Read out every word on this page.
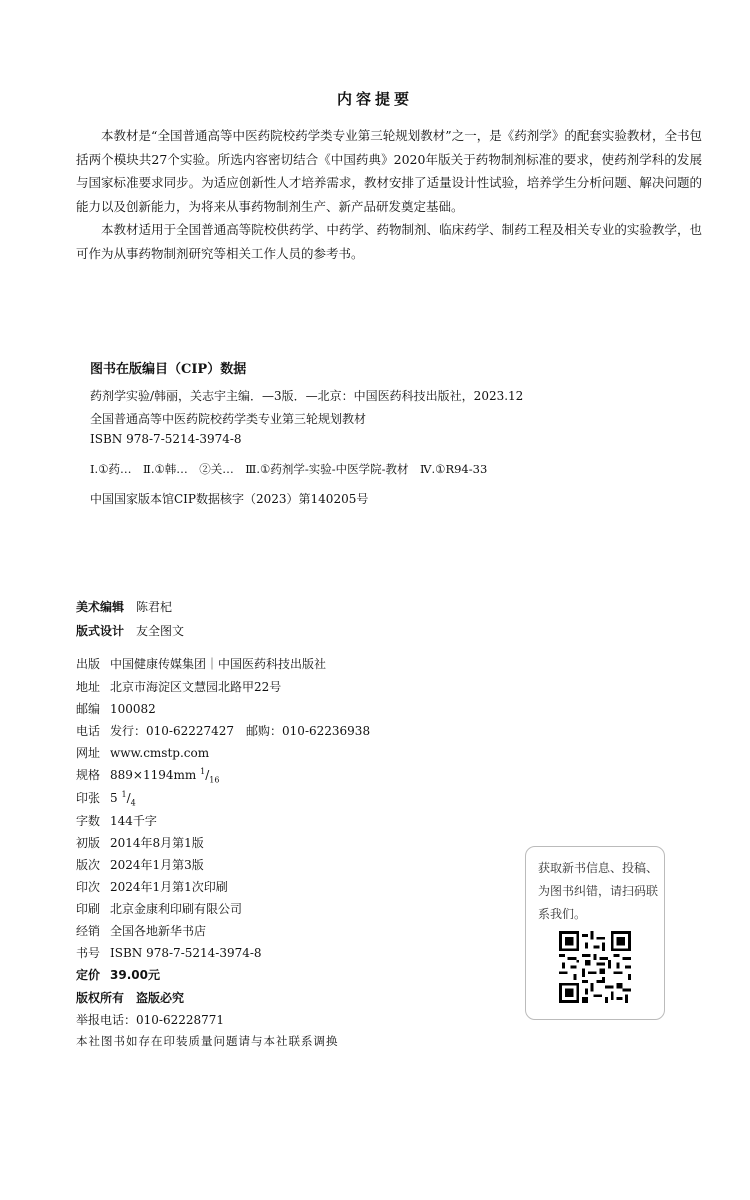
内容提要

本教材是“全国普通高等中医药院校药学类专业第三轮规划教材”之一，是《药剂学》的配套实验教材，全书包括两个模块共27个实验。所选内容密切结合《中国药典》2020年版关于药物制剂标准的要求，使药剂学科的发展与国家标准要求同步。为适应创新性人才培养需求，教材安排了适量设计性试验，培养学生分析问题、解决问题的能力以及创新能力，为将来从事药物制剂生产、新产品研发奠定基础。

本教材适用于全国普通高等院校供药学、中药学、药物制剂、临床药学、制药工程及相关专业的实验教学，也可作为从事药物制剂研究等相关工作人员的参考书。

图书在版编目（CIP）数据
药剂学实验/韩丽，关志宇主编．—3版．—北京：中国医药科技出版社，2023.12
全国普通高等中医药院校药学类专业第三轮规划教材
ISBN 978-7-5214-3974-8
Ⅰ.①药…　Ⅱ.①韩…　②关…　Ⅲ.①药剂学-实验-中医学院-教材　Ⅳ.①R94-33
中国国家版本馆CIP数据核字（2023）第140205号
美术编辑 陈君杞
版式设计 友全图文
出版 中国健康传媒集团｜中国医药科技出版社
地址 北京市海淀区文慧园北路甲22号
邮编 100082
电话 发行：010-62227427　邮购：010-62236938
网址 www.cmstp.com
规格 889×1194mm $^1/_{16}$
印张 5 $^1/_4$
字数 144千字
初版 2014年8月第1版
版次 2024年1月第3版
印次 2024年1月第1次印刷
印刷 北京金康利印刷有限公司
经销 全国各地新华书店
书号 ISBN 978-7-5214-3974-8
定价 39.00元
版权所有　盗版必究
举报电话：010-62228771
本社图书如存在印装质量问题请与本社联系调换
获取新书信息、投稿、为图书纠错，请扫码联系我们。
